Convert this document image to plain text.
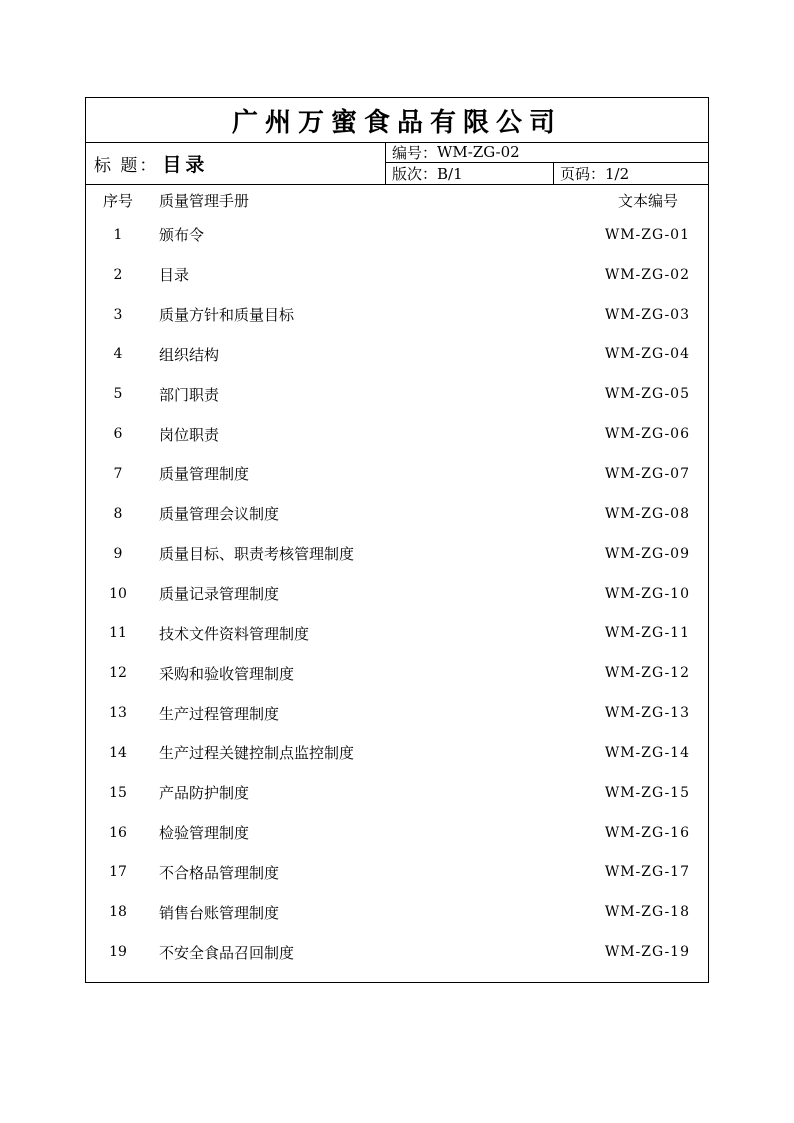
广州万蜜食品有限公司
标 题： 目录
编号： WM-ZG-02
版次： B/1	页码： 1/2
序号	质量管理手册	文本编号
1	颁布令	WM-ZG-01
2	目录	WM-ZG-02
3	质量方针和质量目标	WM-ZG-03
4	组织结构	WM-ZG-04
5	部门职责	WM-ZG-05
6	岗位职责	WM-ZG-06
7	质量管理制度	WM-ZG-07
8	质量管理会议制度	WM-ZG-08
9	质量目标、职责考核管理制度	WM-ZG-09
10	质量记录管理制度	WM-ZG-10
11	技术文件资料管理制度	WM-ZG-11
12	采购和验收管理制度	WM-ZG-12
13	生产过程管理制度	WM-ZG-13
14	生产过程关键控制点监控制度	WM-ZG-14
15	产品防护制度	WM-ZG-15
16	检验管理制度	WM-ZG-16
17	不合格品管理制度	WM-ZG-17
18	销售台账管理制度	WM-ZG-18
19	不安全食品召回制度	WM-ZG-19
